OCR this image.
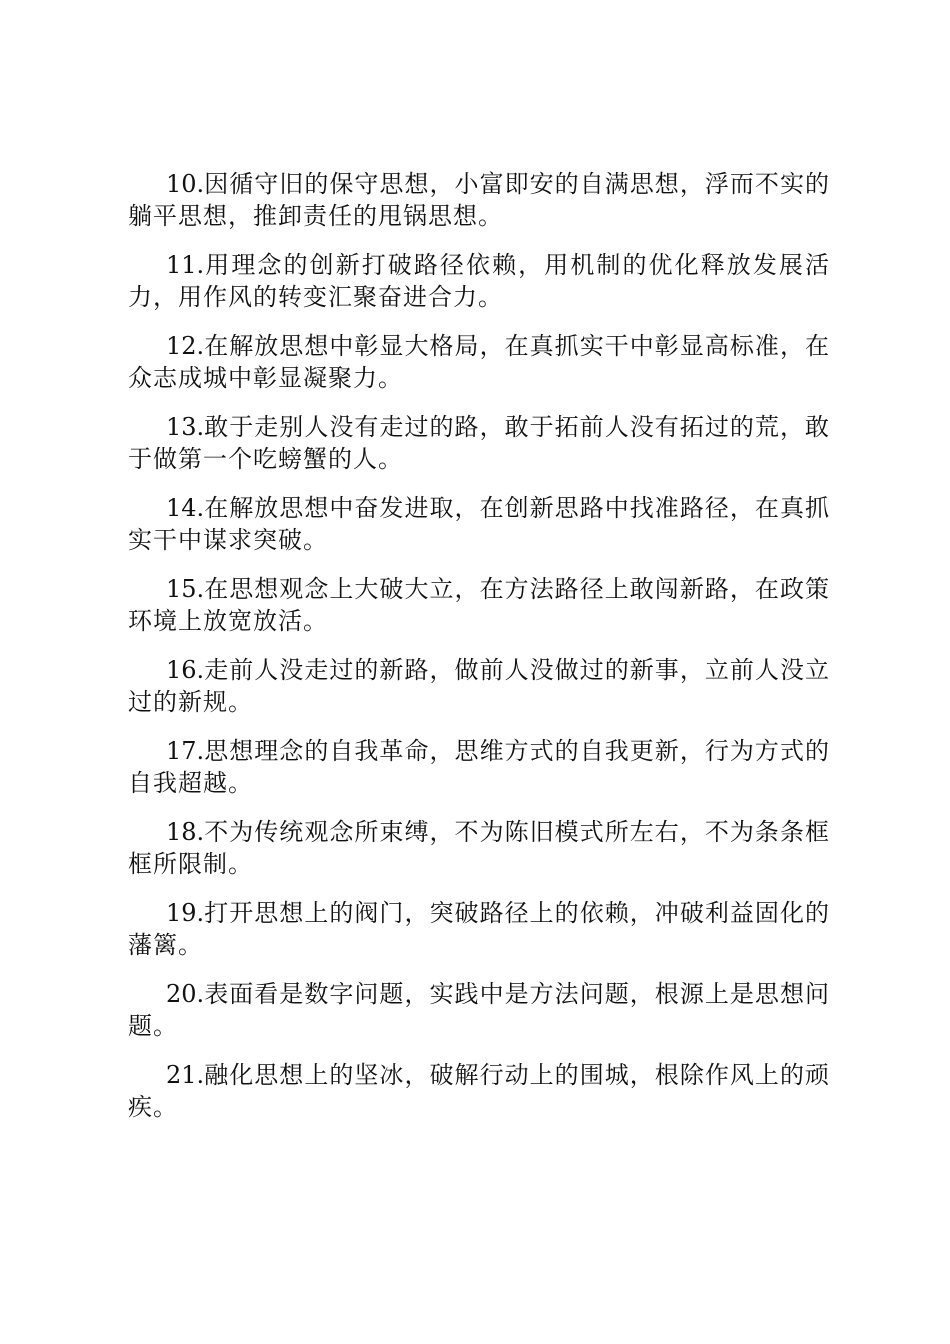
10.因循守旧的保守思想，小富即安的自满思想，浮而不实的躺平思想，推卸责任的甩锅思想。

11.用理念的创新打破路径依赖，用机制的优化释放发展活力，用作风的转变汇聚奋进合力。

12.在解放思想中彰显大格局，在真抓实干中彰显高标准，在众志成城中彰显凝聚力。

13.敢于走别人没有走过的路，敢于拓前人没有拓过的荒，敢于做第一个吃螃蟹的人。

14.在解放思想中奋发进取，在创新思路中找准路径，在真抓实干中谋求突破。

15.在思想观念上大破大立，在方法路径上敢闯新路，在政策环境上放宽放活。

16.走前人没走过的新路，做前人没做过的新事，立前人没立过的新规。

17.思想理念的自我革命，思维方式的自我更新，行为方式的自我超越。

18.不为传统观念所束缚，不为陈旧模式所左右，不为条条框框所限制。

19.打开思想上的阀门，突破路径上的依赖，冲破利益固化的藩篱。

20.表面看是数字问题，实践中是方法问题，根源上是思想问题。

21.融化思想上的坚冰，破解行动上的围城，根除作风上的顽疾。
